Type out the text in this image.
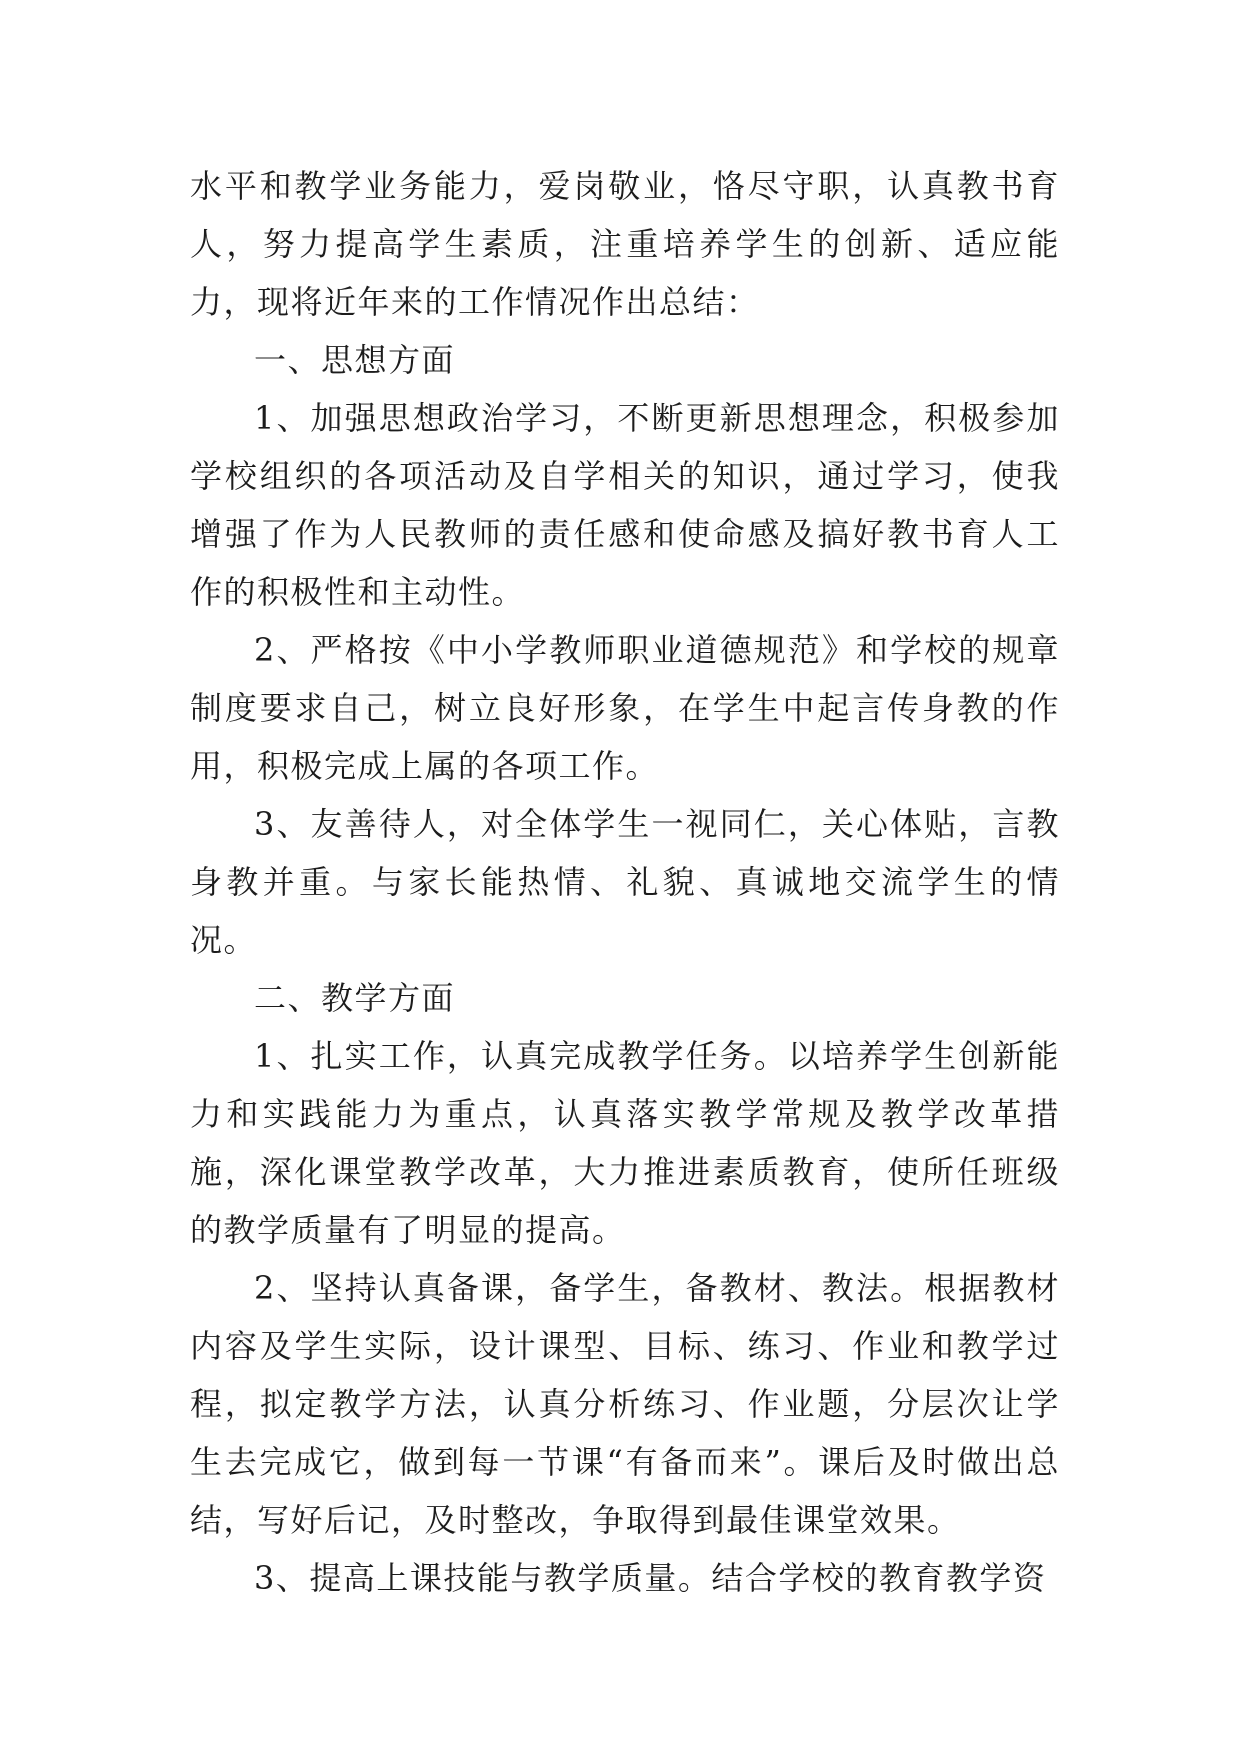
水平和教学业务能力，爱岗敬业，恪尽守职，认真教书育人，努力提高学生素质，注重培养学生的创新、适应能力，现将近年来的工作情况作出总结：

一、思想方面

1、加强思想政治学习，不断更新思想理念，积极参加学校组织的各项活动及自学相关的知识，通过学习，使我增强了作为人民教师的责任感和使命感及搞好教书育人工作的积极性和主动性。

2、严格按《中小学教师职业道德规范》和学校的规章制度要求自己，树立良好形象，在学生中起言传身教的作用，积极完成上属的各项工作。

3、友善待人，对全体学生一视同仁，关心体贴，言教身教并重。与家长能热情、礼貌、真诚地交流学生的情况。

二、教学方面

1、扎实工作，认真完成教学任务。以培养学生创新能力和实践能力为重点，认真落实教学常规及教学改革措施，深化课堂教学改革，大力推进素质教育，使所任班级的教学质量有了明显的提高。

2、坚持认真备课，备学生，备教材、教法。根据教材内容及学生实际，设计课型、目标、练习、作业和教学过程，拟定教学方法，认真分析练习、作业题，分层次让学生去完成它，做到每一节课“有备而来”。课后及时做出总结，写好后记，及时整改，争取得到最佳课堂效果。

3、提高上课技能与教学质量。结合学校的教育教学资
